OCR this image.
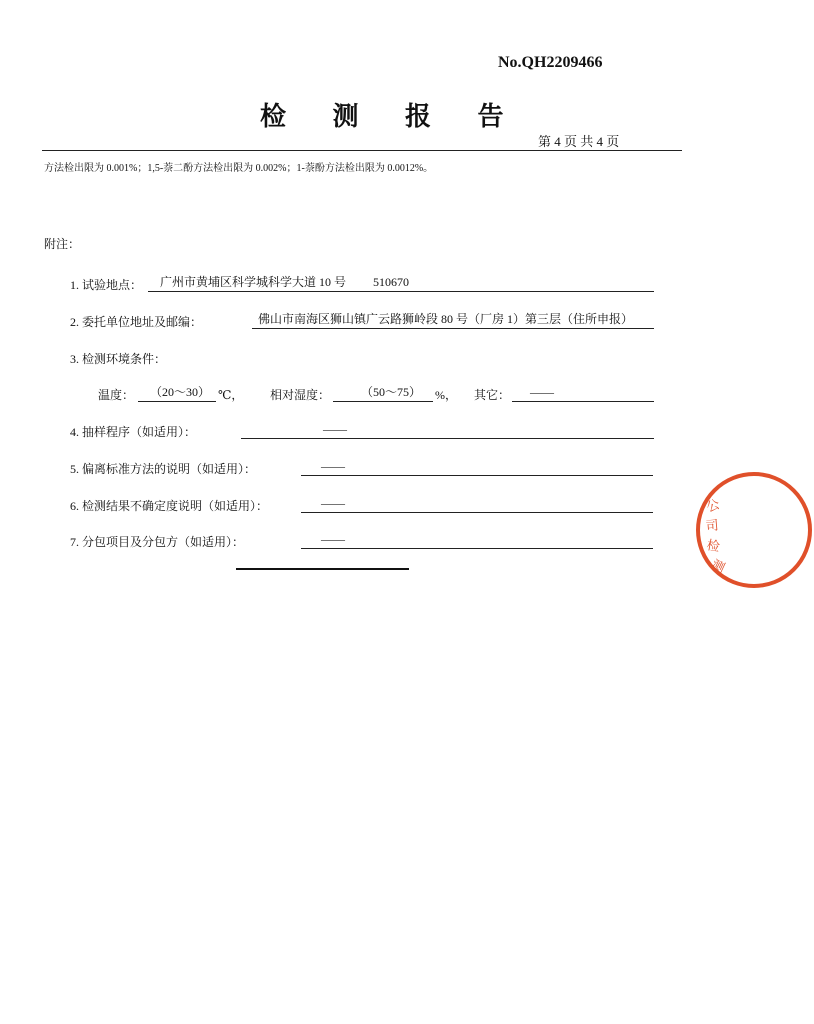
No.QH2209466
检 测 报 告
第 4 页 共 4 页
方法检出限为 0.001%；1,5-萘二酚方法检出限为 0.002%；1-萘酚方法检出限为 0.0012%。
附注：
1. 试验地点：	广州市黄埔区科学城科学大道 10 号 510670
2. 委托单位地址及邮编：	佛山市南海区狮山镇广云路狮岭段 80 号（厂房 1）第三层（住所申报）
3. 检测环境条件：
温度：	（20～30） ℃， 相对湿度：	（50～75）	%， 其它：	——
4. 抽样程序（如适用）：	——
5. 偏离标准方法的说明（如适用）：	——
6. 检测结果不确定度说明（如适用）：	——
7. 分包项目及分包方（如适用）：	——
公
司
检
测
